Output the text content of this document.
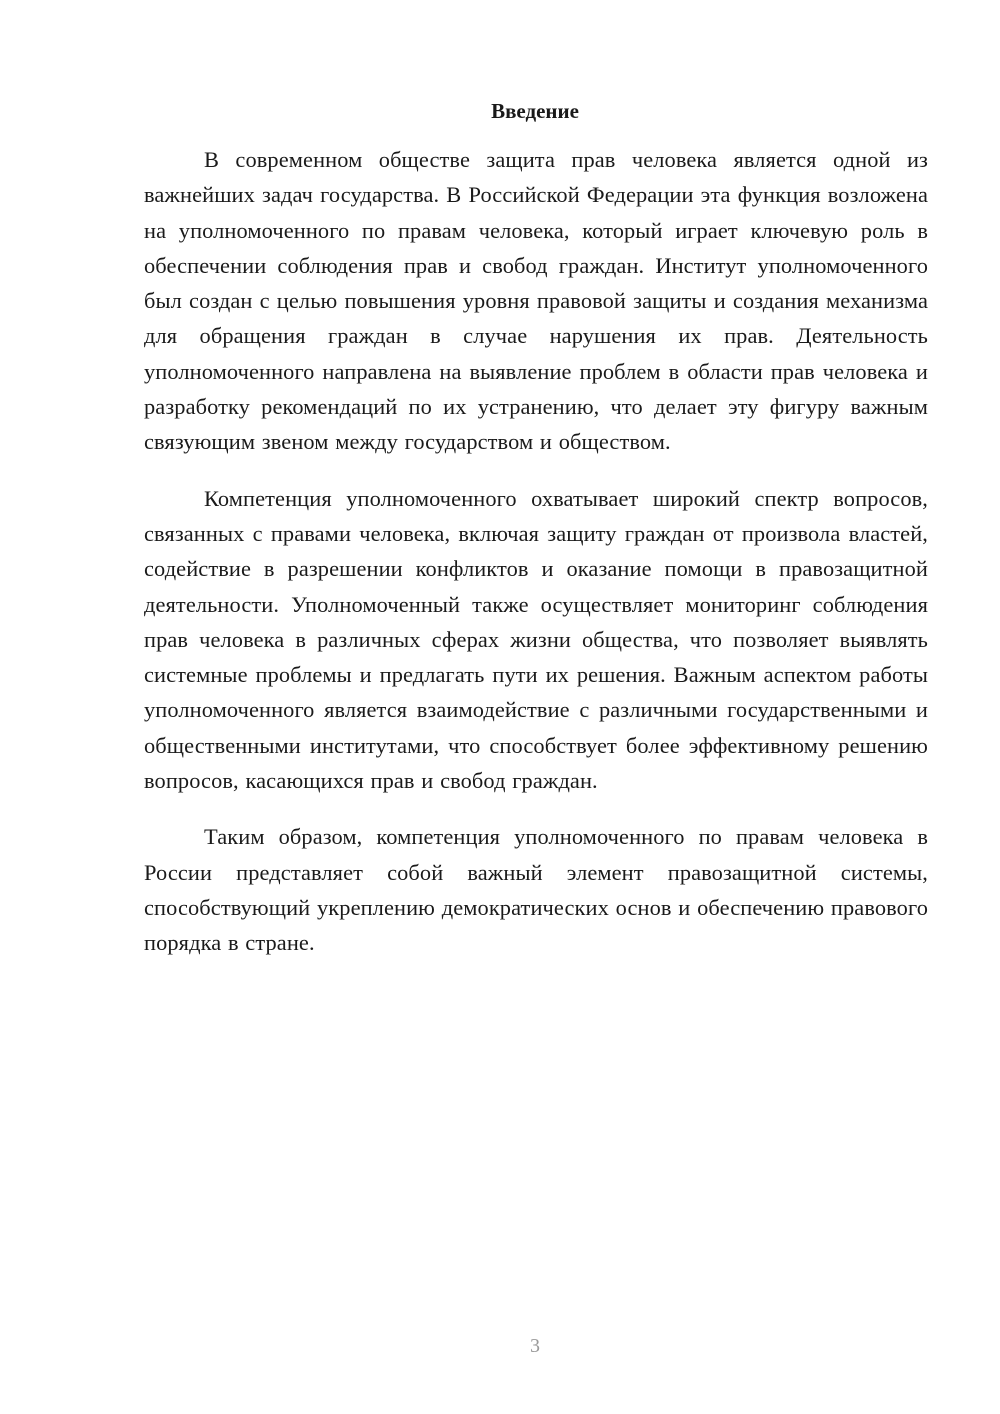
Введение

В современном обществе защита прав человека является одной из важнейших задач государства. В Российской Федерации эта функция возложена на уполномоченного по правам человека, который играет ключевую роль в обеспечении соблюдения прав и свобод граждан. Институт уполномоченного был создан с целью повышения уровня правовой защиты и создания механизма для обращения граждан в случае нарушения их прав. Деятельность уполномоченного направлена на выявление проблем в области прав человека и разработку рекомендаций по их устранению, что делает эту фигуру важным связующим звеном между государством и обществом.

Компетенция уполномоченного охватывает широкий спектр вопросов, связанных с правами человека, включая защиту граждан от произвола властей, содействие в разрешении конфликтов и оказание помощи в правозащитной деятельности. Уполномоченный также осуществляет мониторинг соблюдения прав человека в различных сферах жизни общества, что позволяет выявлять системные проблемы и предлагать пути их решения. Важным аспектом работы уполномоченного является взаимодействие с различными государственными и общественными институтами, что способствует более эффективному решению вопросов, касающихся прав и свобод граждан.

Таким образом, компетенция уполномоченного по правам человека в России представляет собой важный элемент правозащитной системы, способствующий укреплению демократических основ и обеспечению правового порядка в стране.

3
